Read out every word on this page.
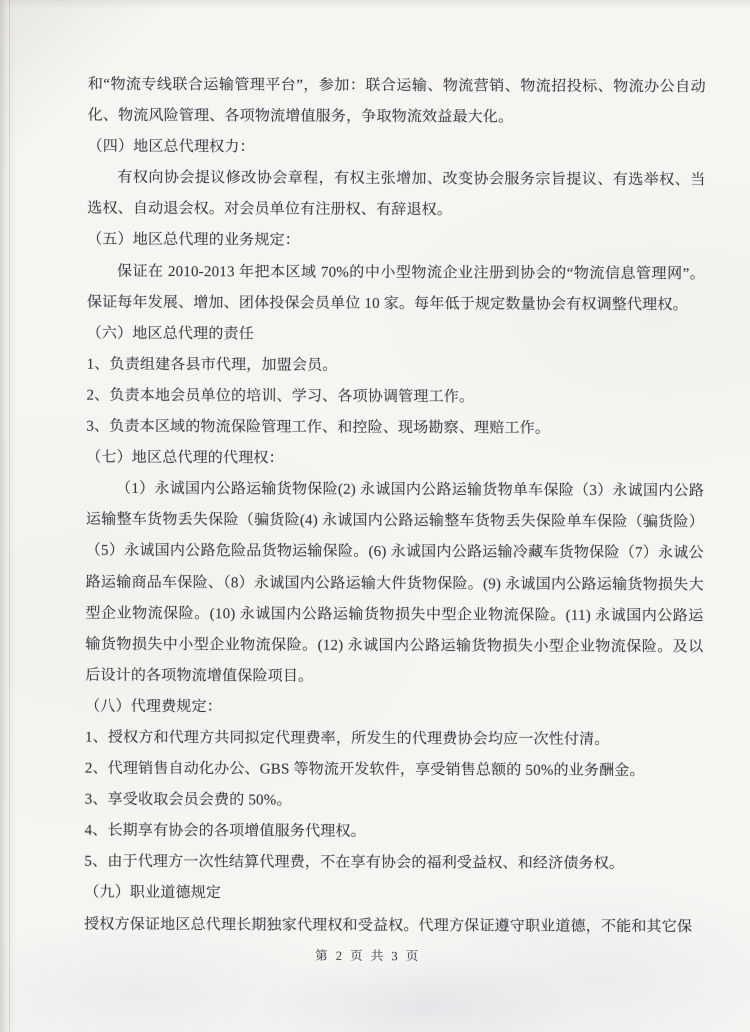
和“物流专线联合运输管理平台”，参加：联合运输、物流营销、物流招投标、物流办公自动化、物流风险管理、各项物流增值服务，争取物流效益最大化。

（四）地区总代理权力：

有权向协会提议修改协会章程，有权主张增加、改变协会服务宗旨提议、有选举权、当选权、自动退会权。对会员单位有注册权、有辞退权。

（五）地区总代理的业务规定：

保证在 2010-2013 年把本区域 70%的中小型物流企业注册到协会的“物流信息管理网”。保证每年发展、增加、团体投保会员单位 10 家。每年低于规定数量协会有权调整代理权。

（六）地区总代理的责任

1、负责组建各县市代理，加盟会员。

2、负责本地会员单位的培训、学习、各项协调管理工作。

3、负责本区域的物流保险管理工作、和控险、现场勘察、理赔工作。

（七）地区总代理的代理权：

（1）永诚国内公路运输货物保险(2) 永诚国内公路运输货物单车保险（3）永诚国内公路运输整车货物丢失保险（骗货险(4) 永诚国内公路运输整车货物丢失保险单车保险（骗货险） （5）永诚国内公路危险品货物运输保险。(6) 永诚国内公路运输冷藏车货物保险（7）永诚公路运输商品车保险、（8）永诚国内公路运输大件货物保险。(9) 永诚国内公路运输货物损失大型企业物流保险。(10) 永诚国内公路运输货物损失中型企业物流保险。(11) 永诚国内公路运输货物损失中小型企业物流保险。(12) 永诚国内公路运输货物损失小型企业物流保险。及以后设计的各项物流增值保险项目。

（八）代理费规定：

1、授权方和代理方共同拟定代理费率，所发生的代理费协会均应一次性付清。

2、代理销售自动化办公、GBS 等物流开发软件，享受销售总额的 50%的业务酬金。

3、享受收取会员会费的 50%。

4、长期享有协会的各项增值服务代理权。

5、由于代理方一次性结算代理费，不在享有协会的福利受益权、和经济债务权。

（九）职业道德规定

授权方保证地区总代理长期独家代理权和受益权。代理方保证遵守职业道德，不能和其它保

第 2 页 共 3 页
